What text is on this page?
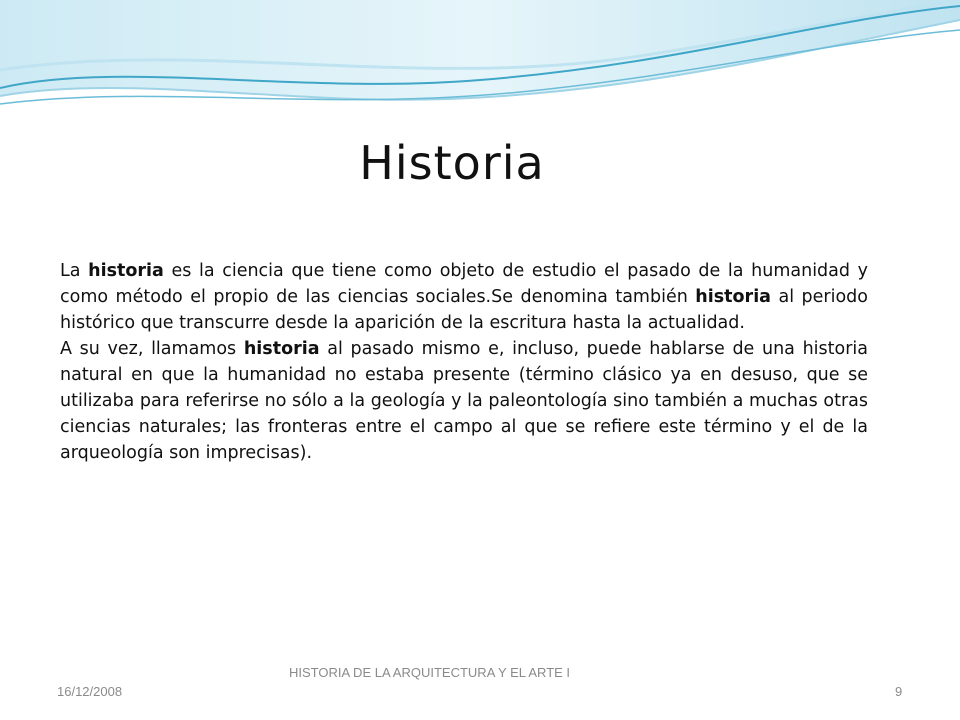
Historia

La historia es la ciencia que tiene como objeto de estudio el pasado de la humanidad y como método el propio de las ciencias sociales.Se denomina también historia al periodo histórico que transcurre desde la aparición de la escritura hasta la actualidad.

A su vez, llamamos historia al pasado mismo e, incluso, puede hablarse de una historia natural en que la humanidad no estaba presente (término clásico ya en desuso, que se utilizaba para referirse no sólo a la geología y la paleontología sino también a muchas otras ciencias naturales; las fronteras entre el campo al que se refiere este término y el de la arqueología son imprecisas).

16/12/2008
HISTORIA DE LA ARQUITECTURA Y EL ARTE I
9
